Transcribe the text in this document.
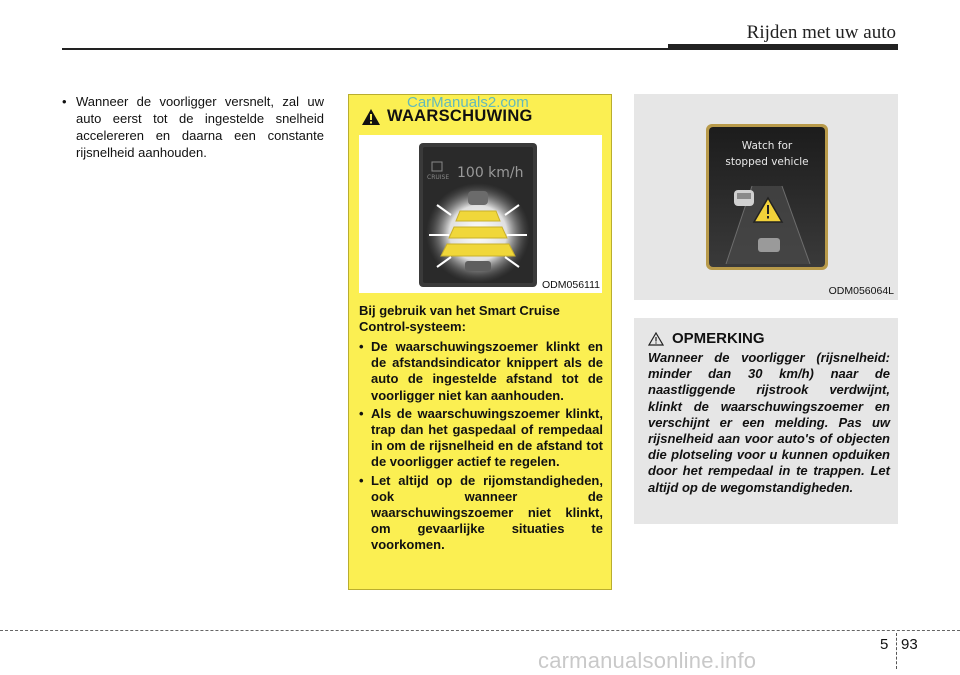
Rijden met uw auto
• Wanneer de voorligger versnelt, zal uw auto eerst tot de ingestelde snelheid accelereren en daarna een constante rijsnelheid aanhouden.
CarManuals2.com
WAARSCHUWING
CRUISE 100 km/h
ODM056111
Bij gebruik van het Smart Cruise Control-systeem:
• De waarschuwingszoemer klinkt en de afstandsindicator knippert als de auto de ingestelde afstand tot de voorligger niet kan aanhouden.
• Als de waarschuwingszoemer klinkt, trap dan het gaspedaal of rempedaal in om de rijsnelheid en de afstand tot de voorligger actief te regelen.
• Let altijd op de rijomstandigheden, ook wanneer de waarschuwingszoemer niet klinkt, om gevaarlijke situaties te voorkomen.
Watch for
stopped vehicle
ODM056064L
OPMERKING
Wanneer de voorligger (rijsnelheid: minder dan 30 km/h) naar de naastliggende rijstrook verdwijnt, klinkt de waarschuwingszoemer en verschijnt er een melding. Pas uw rijsnelheid aan voor auto's of objecten die plotseling voor u kunnen opduiken door het rempedaal in te trappen. Let altijd op de wegomstandigheden.
5 93
carmanualsonline.info
